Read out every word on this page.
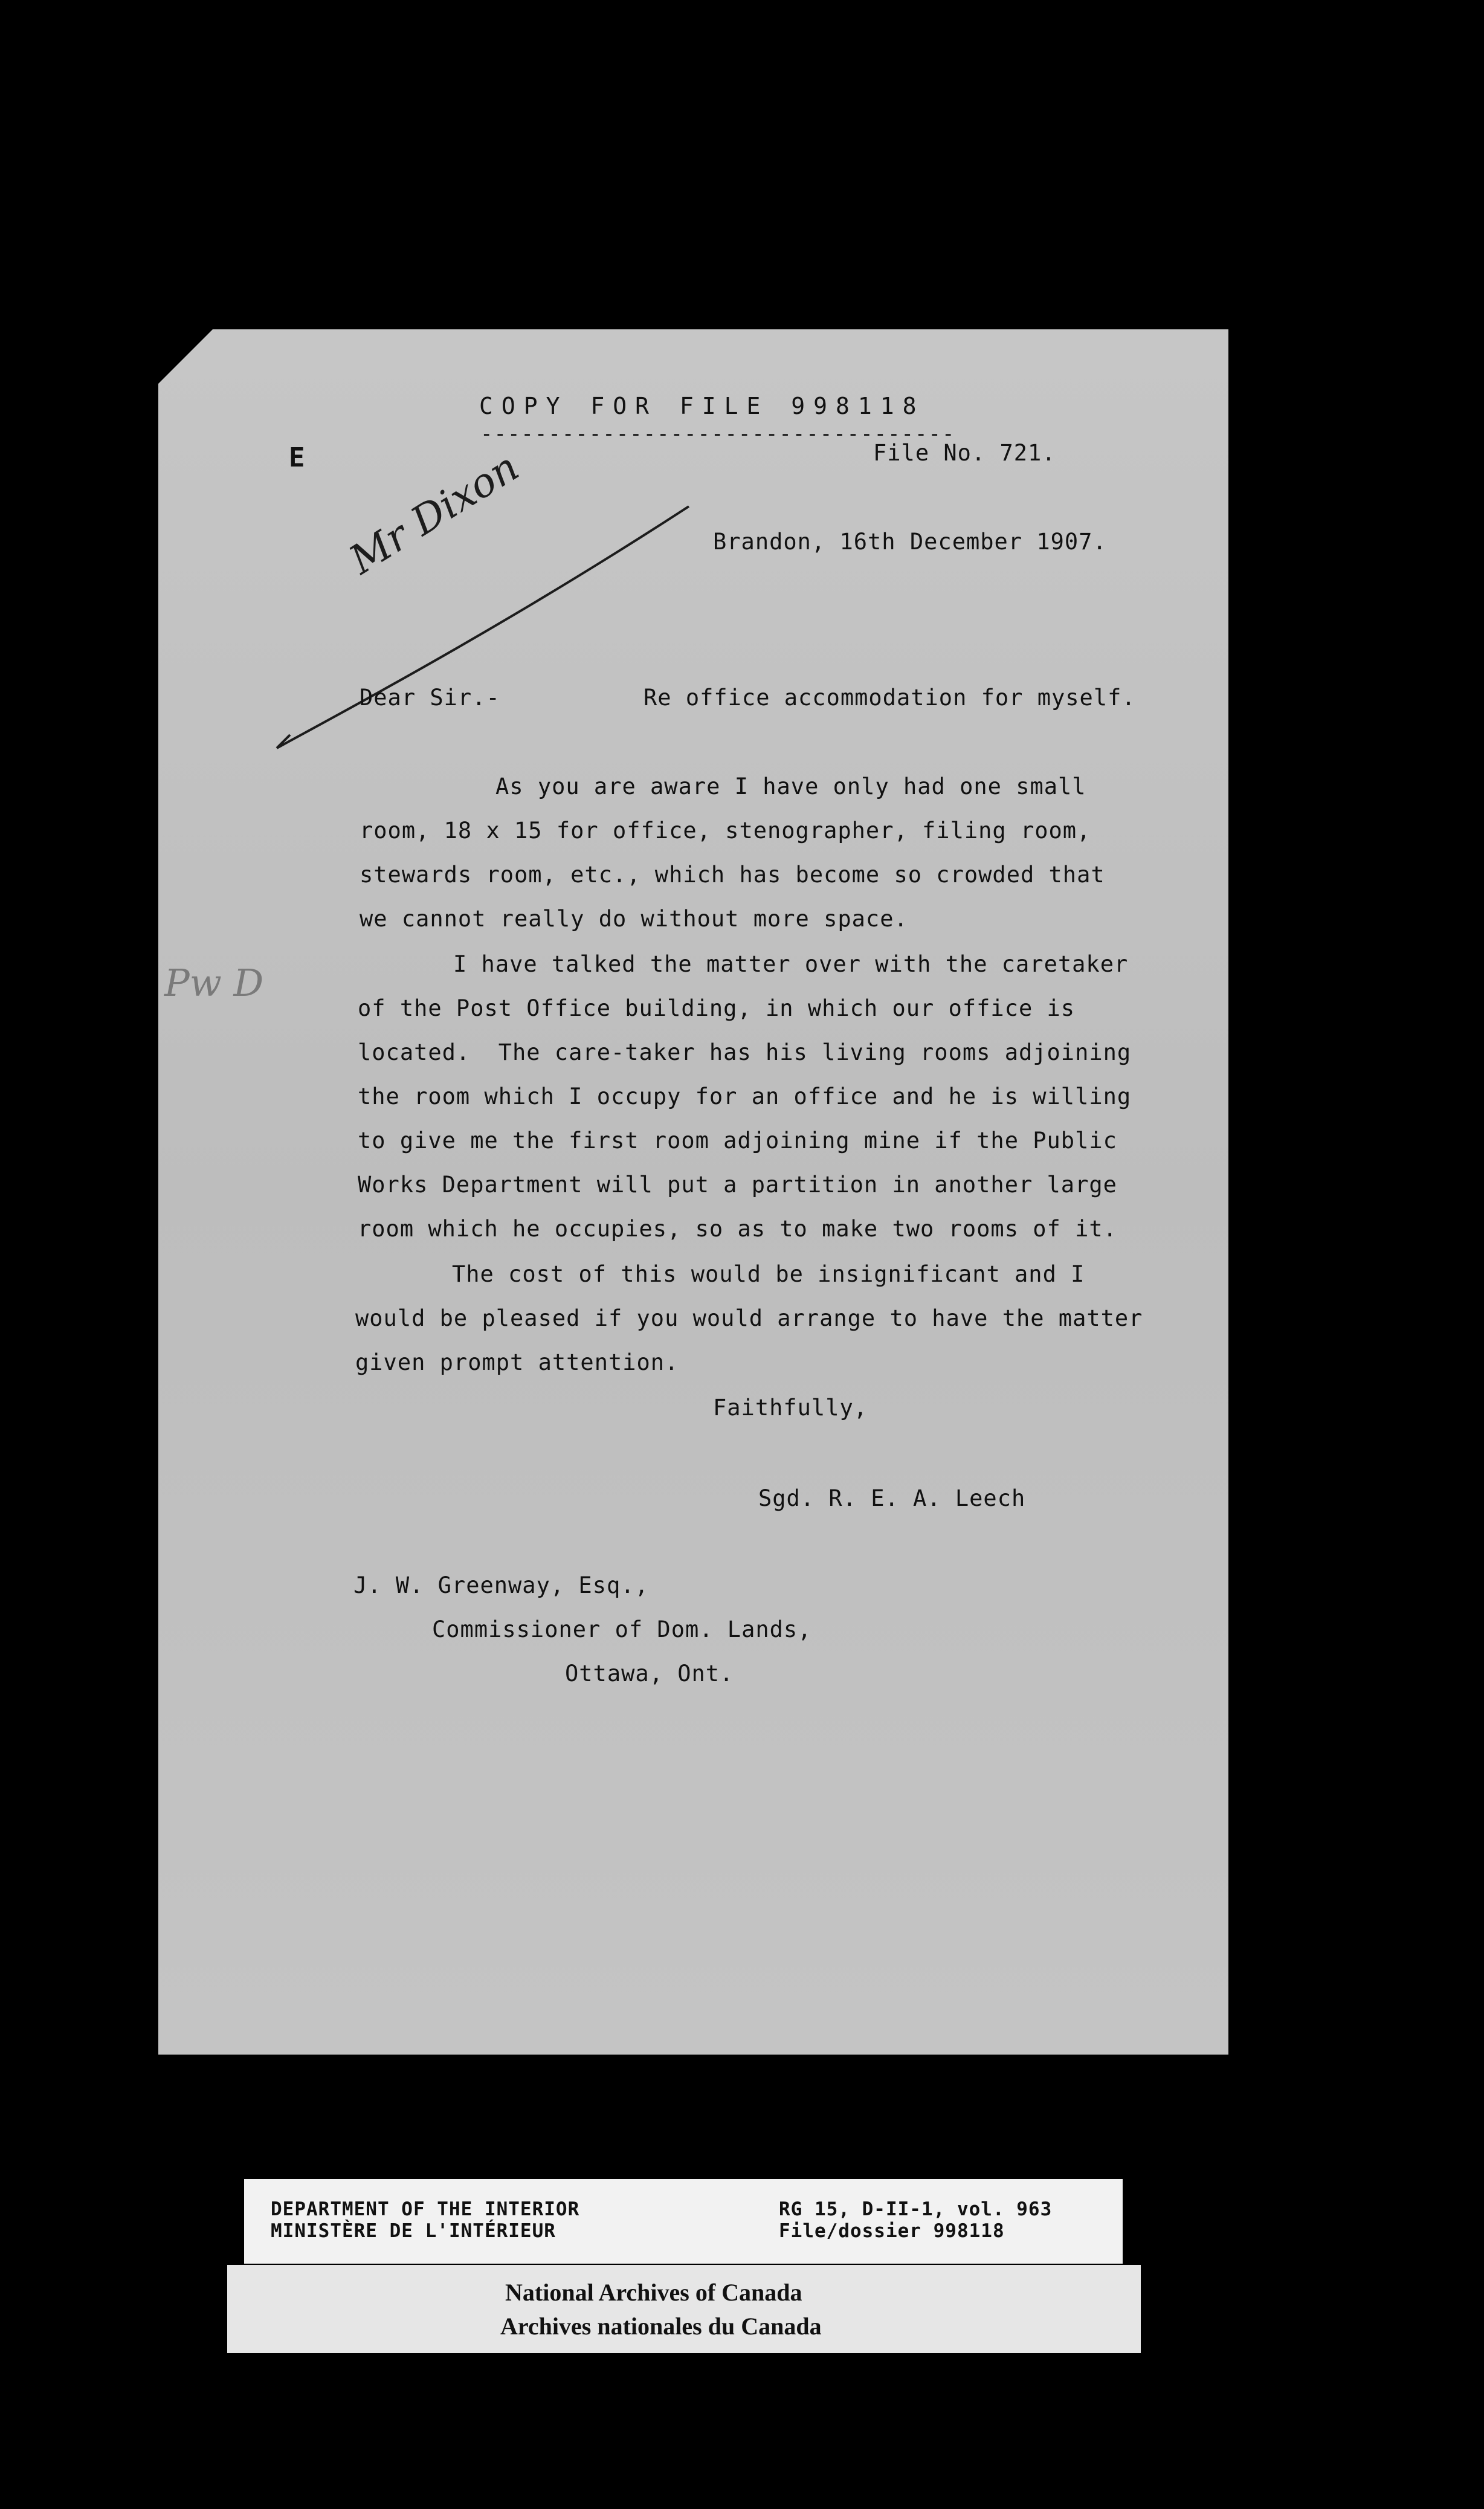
COPY FOR FILE 998118
-----------------------------------
File No. 721.
E Mr Dixon
Pw D
Brandon, 16th December 1907.
Dear Sir.-	Re office accommodation for myself.
As you are aware I have only had one small
room, 18 x 15 for office, stenographer, filing room,
stewards room, etc., which has become so crowded that
we cannot really do without more space.
I have talked the matter over with the caretaker
of the Post Office building, in which our office is
located.  The care-taker has his living rooms adjoining
the room which I occupy for an office and he is willing
to give me the first room adjoining mine if the Public
Works Department will put a partition in another large
room which he occupies, so as to make two rooms of it.
The cost of this would be insignificant and I
would be pleased if you would arrange to have the matter
given prompt attention.
Faithfully,
Sgd. R. E. A. Leech
J. W. Greenway, Esq.,
Commissioner of Dom. Lands,
Ottawa, Ont.
DEPARTMENT OF THE INTERIOR
MINISTÈRE DE L'INTÉRIEUR
RG 15, D-II-1, vol. 963
File/dossier 998118
National Archives of Canada
Archives nationales du Canada
